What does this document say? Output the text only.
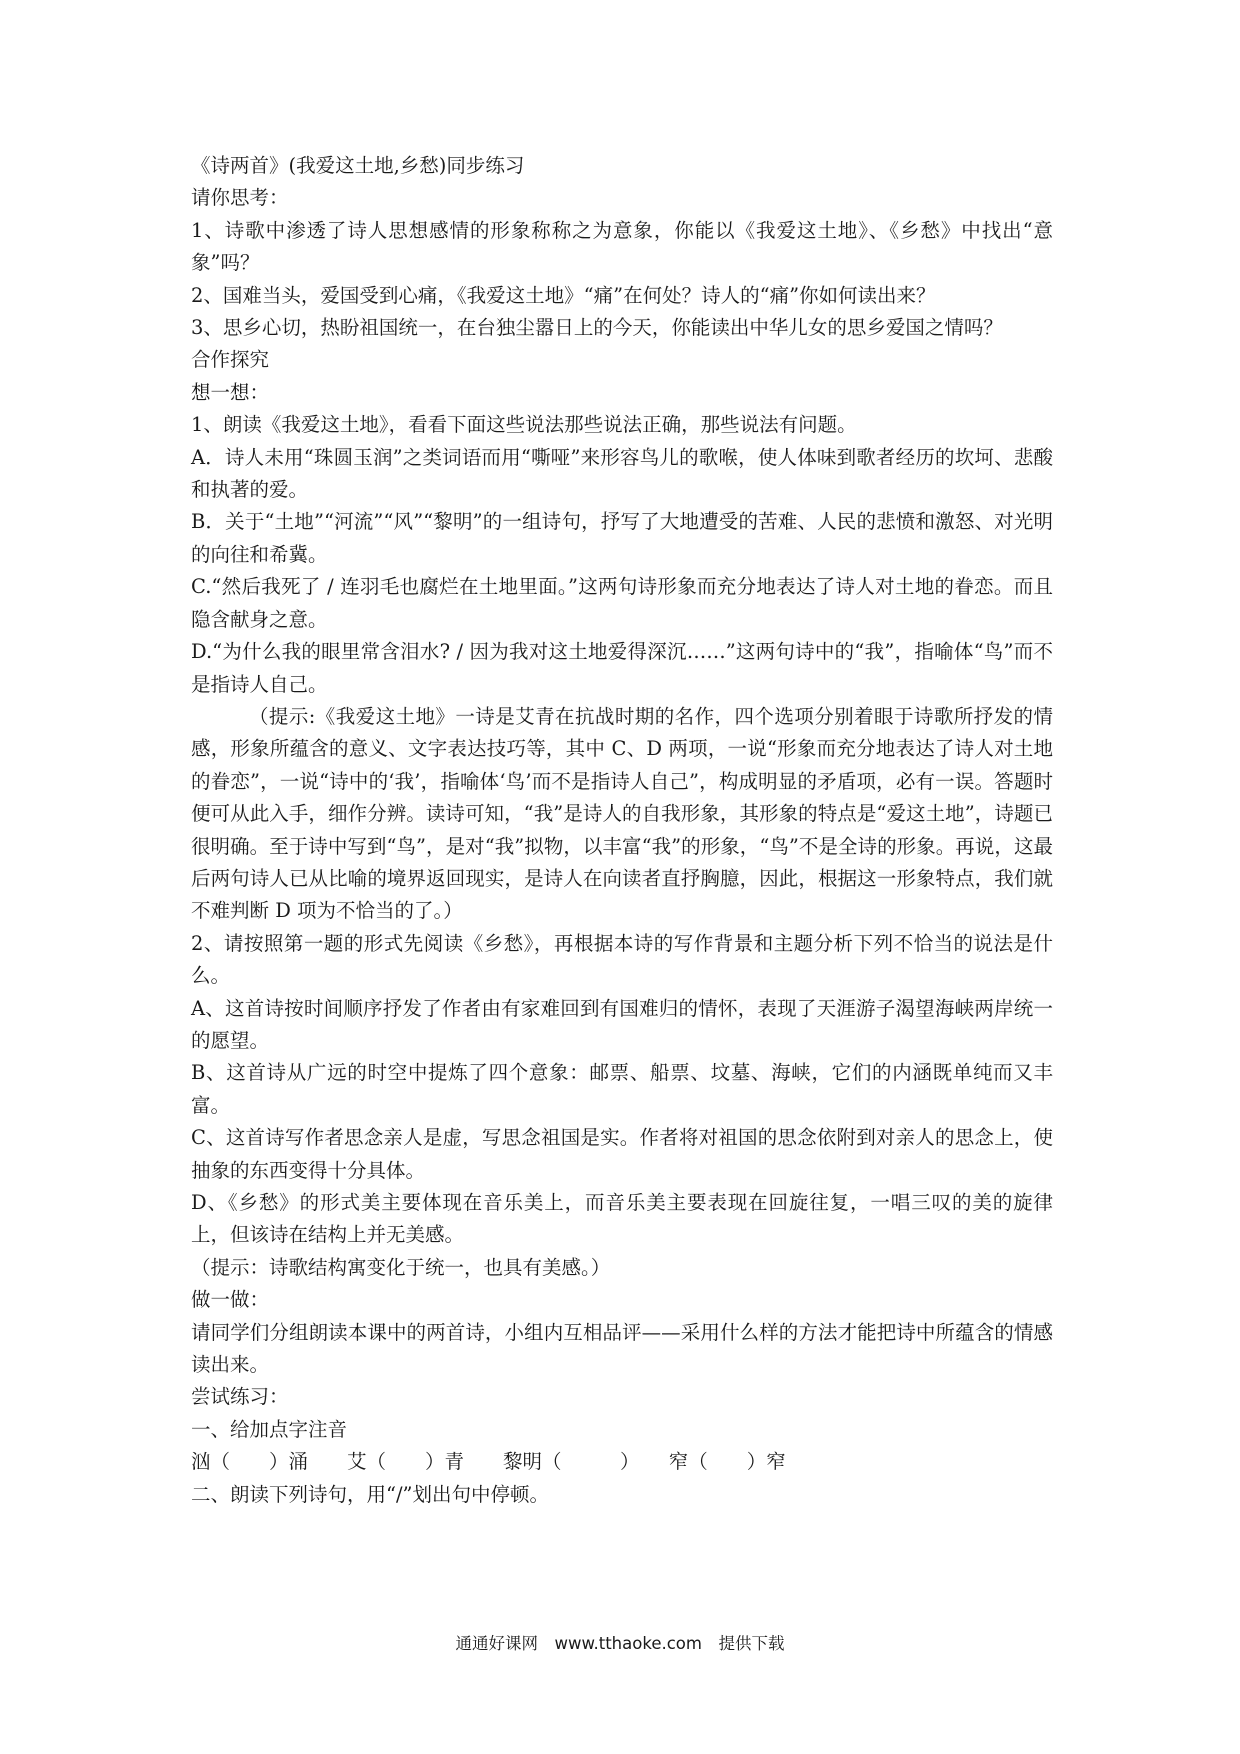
《诗两首》(我爱这土地,乡愁)同步练习
请你思考：
1、诗歌中渗透了诗人思想感情的形象称称之为意象，你能以《我爱这土地》、《乡愁》中找出“意象”吗？
2、国难当头，爱国受到心痛，《我爱这土地》“痛”在何处？诗人的“痛”你如何读出来？
3、思乡心切，热盼祖国统一，在台独尘嚣日上的今天，你能读出中华儿女的思乡爱国之情吗？
合作探究
想一想：
1、朗读《我爱这土地》，看看下面这些说法那些说法正确，那些说法有问题。
A．诗人未用“珠圆玉润”之类词语而用“嘶哑”来形容鸟儿的歌喉，使人体味到歌者经历的坎坷、悲酸和执著的爱。
B．关于“土地”“河流”“风”“黎明”的一组诗句，抒写了大地遭受的苦难、人民的悲愤和激怒、对光明的向往和希冀。
C.“然后我死了 / 连羽毛也腐烂在土地里面。”这两句诗形象而充分地表达了诗人对土地的眷恋。而且隐含献身之意。
D.“为什么我的眼里常含泪水? / 因为我对这土地爱得深沉……”这两句诗中的“我”，指喻体“鸟”而不是指诗人自己。
（提示:《我爱这土地》一诗是艾青在抗战时期的名作，四个选项分别着眼于诗歌所抒发的情感，形象所蕴含的意义、文字表达技巧等，其中 C、D 两项，一说“形象而充分地表达了诗人对土地的眷恋”，一说“诗中的‘我’，指喻体‘鸟’而不是指诗人自己”，构成明显的矛盾项，必有一误。答题时便可从此入手，细作分辨。读诗可知，“我”是诗人的自我形象，其形象的特点是“爱这土地”，诗题已很明确。至于诗中写到“鸟”，是对“我”拟物，以丰富“我”的形象，“鸟”不是全诗的形象。再说，这最后两句诗人已从比喻的境界返回现实，是诗人在向读者直抒胸臆，因此，根据这一形象特点，我们就不难判断 D 项为不恰当的了。）
2、请按照第一题的形式先阅读《乡愁》，再根据本诗的写作背景和主题分析下列不恰当的说法是什么。
A、这首诗按时间顺序抒发了作者由有家难回到有国难归的情怀，表现了天涯游子渴望海峡两岸统一的愿望。
B、这首诗从广远的时空中提炼了四个意象：邮票、船票、坟墓、海峡，它们的内涵既单纯而又丰富。
C、这首诗写作者思念亲人是虚，写思念祖国是实。作者将对祖国的思念依附到对亲人的思念上，使抽象的东西变得十分具体。
D、《乡愁》的形式美主要体现在音乐美上，而音乐美主要表现在回旋往复，一唱三叹的美的旋律上，但该诗在结构上并无美感。
（提示：诗歌结构寓变化于统一，也具有美感。）
做一做：
请同学们分组朗读本课中的两首诗，小组内互相品评——采用什么样的方法才能把诗中所蕴含的情感读出来。
尝试练习：
一、给加点字注音
汹（　　）涌　　艾（　　）青　　黎明（　　　）　　窄（　　）窄
二、朗读下列诗句，用“/”划出句中停顿。
通通好课网　www.tthaoke.com　提供下载
